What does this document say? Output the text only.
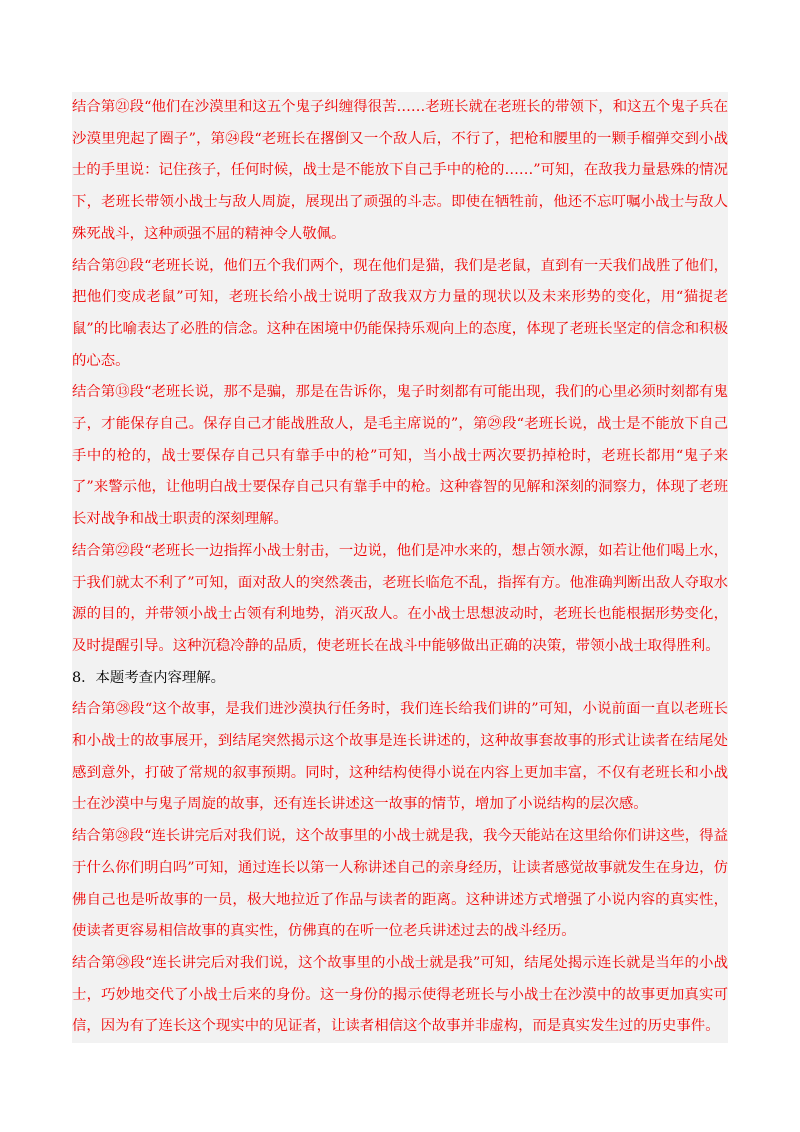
结合第㉑段“他们在沙漠里和这五个鬼子纠缠得很苦……老班长就在老班长的带领下，和这五个鬼子兵在沙漠里兜起了圈子”，第㉔段“老班长在撂倒又一个敌人后，不行了，把枪和腰里的一颗手榴弹交到小战士的手里说：记住孩子，任何时候，战士是不能放下自己手中的枪的……”可知，在敌我力量悬殊的情况下，老班长带领小战士与敌人周旋，展现出了顽强的斗志。即使在牺牲前，他还不忘叮嘱小战士与敌人殊死战斗，这种顽强不屈的精神令人敬佩。

结合第㉑段“老班长说，他们五个我们两个，现在他们是猫，我们是老鼠，直到有一天我们战胜了他们，把他们变成老鼠”可知，老班长给小战士说明了敌我双方力量的现状以及未来形势的变化，用“猫捉老鼠”的比喻表达了必胜的信念。这种在困境中仍能保持乐观向上的态度，体现了老班长坚定的信念和积极的心态。

结合第⑬段“老班长说，那不是骗，那是在告诉你，鬼子时刻都有可能出现，我们的心里必须时刻都有鬼子，才能保存自己。保存自己才能战胜敌人，是毛主席说的”，第㉙段“老班长说，战士是不能放下自己手中的枪的，战士要保存自己只有靠手中的枪”可知，当小战士两次要扔掉枪时，老班长都用“鬼子来了”来警示他，让他明白战士要保存自己只有靠手中的枪。这种睿智的见解和深刻的洞察力，体现了老班长对战争和战士职责的深刻理解。

结合第㉒段“老班长一边指挥小战士射击，一边说，他们是冲水来的，想占领水源，如若让他们喝上水，于我们就太不利了”可知，面对敌人的突然袭击，老班长临危不乱，指挥有方。他准确判断出敌人夺取水源的目的，并带领小战士占领有利地势，消灭敌人。在小战士思想波动时，老班长也能根据形势变化，及时提醒引导。这种沉稳冷静的品质，使老班长在战斗中能够做出正确的决策，带领小战士取得胜利。

8．本题考查内容理解。

结合第㉘段“这个故事，是我们进沙漠执行任务时，我们连长给我们讲的”可知，小说前面一直以老班长和小战士的故事展开，到结尾突然揭示这个故事是连长讲述的，这种故事套故事的形式让读者在结尾处感到意外，打破了常规的叙事预期。同时，这种结构使得小说在内容上更加丰富，不仅有老班长和小战士在沙漠中与鬼子周旋的故事，还有连长讲述这一故事的情节，增加了小说结构的层次感。

结合第㉘段“连长讲完后对我们说，这个故事里的小战士就是我，我今天能站在这里给你们讲这些，得益于什么你们明白吗”可知，通过连长以第一人称讲述自己的亲身经历，让读者感觉故事就发生在身边，仿佛自己也是听故事的一员，极大地拉近了作品与读者的距离。这种讲述方式增强了小说内容的真实性，使读者更容易相信故事的真实性，仿佛真的在听一位老兵讲述过去的战斗经历。

结合第㉘段“连长讲完后对我们说，这个故事里的小战士就是我”可知，结尾处揭示连长就是当年的小战士，巧妙地交代了小战士后来的身份。这一身份的揭示使得老班长与小战士在沙漠中的故事更加真实可信，因为有了连长这个现实中的见证者，让读者相信这个故事并非虚构，而是真实发生过的历史事件。
